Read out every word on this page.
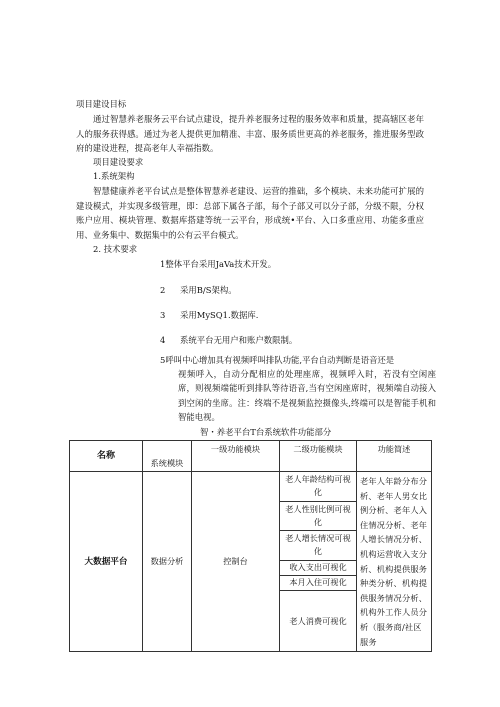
项目建设目标
通过智慧养老服务云平台试点建设，提升养老服务过程的服务效率和质量，提高辖区老年人的服务获得感。通过为老人提供更加精准、丰富、服务质世更高的养老服务，推进服务型政府的建设进程，提高老年人幸福指数。
项目建设要求
1.系统架构
智慧健康养老平台试点是整体智慧养老建设、运营的推础，多个模块、未来功能可扩展的建设模式，并实现多级管理，即：总部下属各子部，每个子部又可以分子部，分级不限，分权账户应用、模块管理、数据库搭建等统一云平台，形成统•平台、入口多重应用、功能多重应用、业务集中、数据集中的公有云平台模式。
2. 技术要求
1整体平台采用JaVa技术开发。
2 采用B/S架构。
3 采用MySQ1.数据库.
4 系统平台无用户和账户数限制。
5呼叫中心增加具有视频呼叫排队功能,平台自动判断是语音还是
视频呼入，自动分配相应的处理座席，视频呼入时，若没有空闲座席，则视频端能听到排队等待语音,当有空闲座席时，视频端自动接入到空闲的坐席。注：终端不是视频监控摄像头,终端可以是智能手机和智能电视。
智・养老平台T台系统软件功能部分
名称	系统模块	一级功能模块	二级功能模块	功能简述

大数据平台	数据分析	控制台	老人年龄结构可视化	老年人年龄分布分析、老年人男女比例分析、老年人入住情况分析、老年人增长情况分析、机构运营收入支分析、机构提供服务种类分析、机构提供服务情况分析、机构外工作人员分析（服务商/社区服务

			老人性别比例可视化	

			老人增长情况可视化	

			收入支出可视化	

			本月入住可视化	

			老人消费可视化	
